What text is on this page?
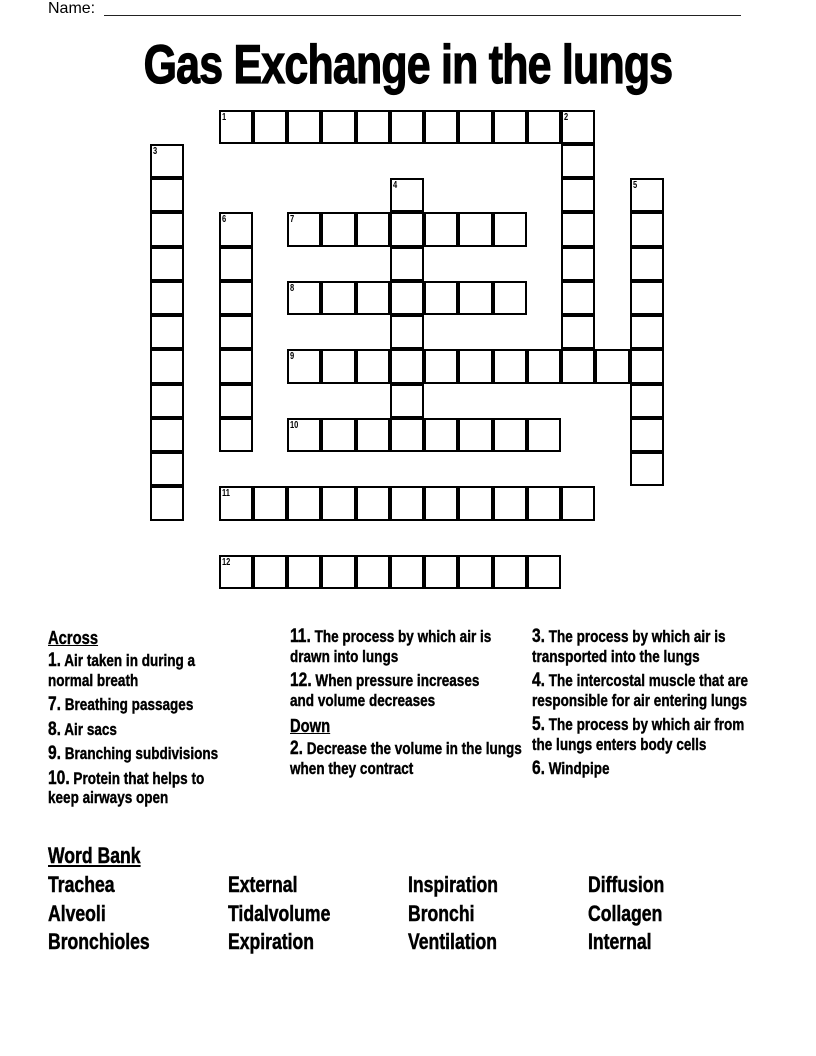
Name:
Gas Exchange in the lungs
1	2
3
4	5
6	7
8
9
10
11
12
Across
1. Air taken in during a normal breath
7. Breathing passages
8. Air sacs
9. Branching subdivisions
10. Protein that helps to keep airways open
11. The process by which air is drawn into lungs
12. When pressure increases and volume decreases
Down
2. Decrease the volume in the lungs when they contract
3. The process by which air is transported into the lungs
4. The intercostal muscle that are responsible for air entering lungs
5. The process by which air from the lungs enters body cells
6. Windpipe
Word Bank
Trachea
Alveoli
Bronchioles
External
Tidalvolume
Expiration
Inspiration
Bronchi
Ventilation
Diffusion
Collagen
Internal
